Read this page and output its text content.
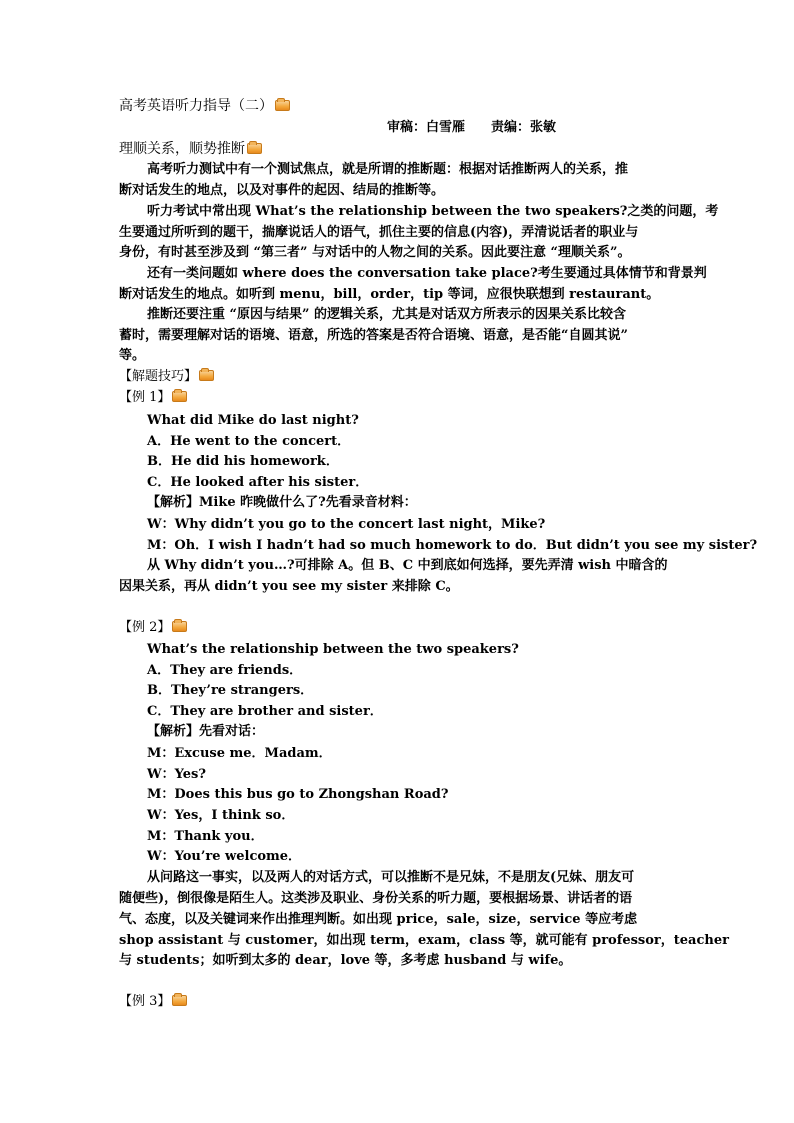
高考英语听力指导（二）
审稿：白雪雁　　责编：张敏
理顺关系，顺势推断
高考听力测试中有一个测试焦点，就是所谓的推断题：根据对话推断两人的关系，推
断对话发生的地点，以及对事件的起因、结局的推断等。
听力考试中常出现 What’s the relationship between the two speakers?之类的问题，考
生要通过所听到的题干，揣摩说话人的语气，抓住主要的信息(内容)，弄清说话者的职业与
身份，有时甚至涉及到 “第三者” 与对话中的人物之间的关系。因此要注意 “理顺关系”。
还有一类问题如 where does the conversation take place?考生要通过具体情节和背景判
断对话发生的地点。如听到 menu，bill，order，tip 等词，应很快联想到 restaurant。
推断还要注重 “原因与结果” 的逻辑关系，尤其是对话双方所表示的因果关系比较含
蓄时，需要理解对话的语境、语意，所选的答案是否符合语境、语意，是否能“自圆其说”
等。
【解题技巧】
【例 1】
What did Mike do last night?
A．He went to the concert．
B．He did his homework．
C．He looked after his sister．
【解析】Mike 昨晚做什么了?先看录音材料：
W：Why didn’t you go to the concert last night，Mike?
M：Oh．I wish I hadn’t had so much homework to do．But didn’t you see my sister?
从 Why didn’t you…?可排除 A。但 B、C 中到底如何选择，要先弄清 wish 中暗含的
因果关系，再从 didn’t you see my sister 来排除 C。
【例 2】
What’s the relationship between the two speakers?
A．They are friends．
B．They’re strangers．
C．They are brother and sister．
【解析】先看对话：
M：Excuse me．Madam．
W：Yes?
M：Does this bus go to Zhongshan Road?
W：Yes，I think so．
M：Thank you．
W：You’re welcome．
从问路这一事实，以及两人的对话方式，可以推断不是兄妹，不是朋友(兄妹、朋友可
随便些)，倒很像是陌生人。这类涉及职业、身份关系的听力题，要根据场景、讲话者的语
气、态度，以及关键词来作出推理判断。如出现 price，sale，size，service 等应考虑
shop assistant 与 customer，如出现 term，exam，class 等，就可能有 professor，teacher
与 students；如听到太多的 dear，love 等，多考虑 husband 与 wife。
【例 3】
